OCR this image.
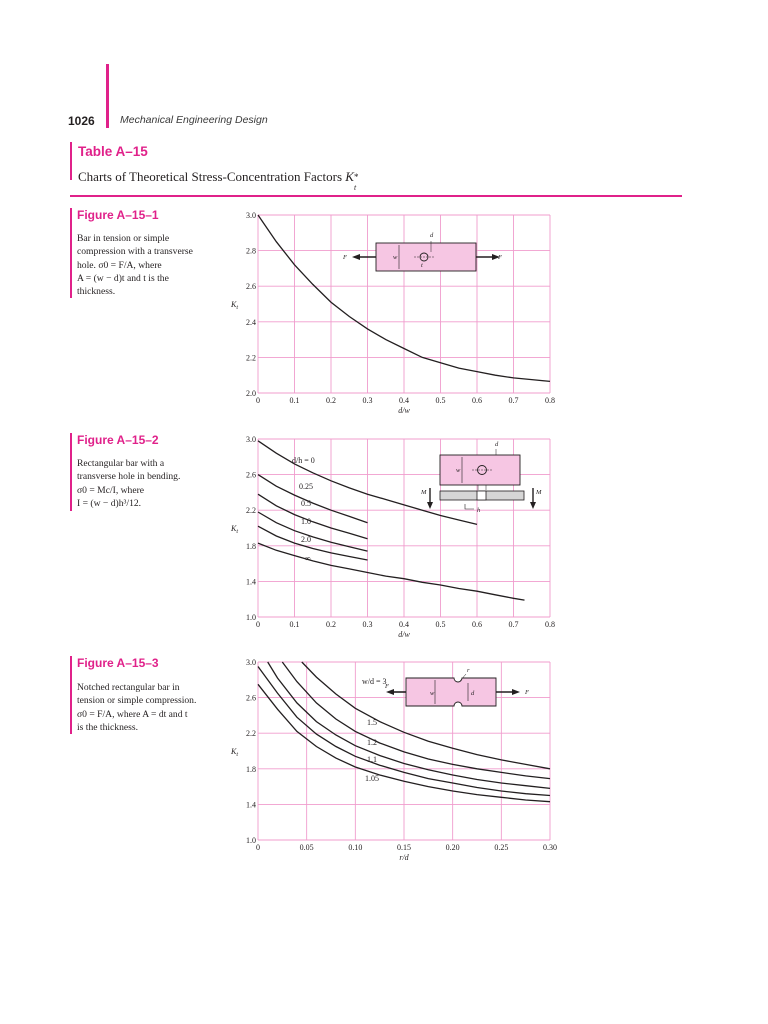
1026 Mechanical Engineering Design
Table A–15
Charts of Theoretical Stress-Concentration Factors K *
t
Figure A–15–1
Bar in tension or simple
compression with a transverse
hole. σ0 = F/A, where
A = (w − d)t and t is the
thickness.
Figure A–15–2
Rectangular bar with a
transverse hole in bending.
σ0 = Mc/I, where
I = (w − d)h³/12.
Figure A–15–3
Notched rectangular bar in
tension or simple compression.
σ0 = F/A, where A = dt and t
is the thickness.
0	0.1	0.2	0.3	0.4	0.5	0.6	0.7	0.8
2.0
2.2
2.4
2.6
2.8
3.0
d/w
$K_t$
0	0.1	0.2	0.3	0.4	0.5	0.6	0.7	0.8
1.0
1.4
1.8
2.2
2.6
3.0
d/w
$K_t$
d/h = 0
0.25
0.5
1.0
2.0
∞
0	0.05	0.10	0.15	0.20	0.25	0.30
1.0
1.4
1.8
2.2
2.6
3.0
r/d
$K_t$
w/d = 3
1.5
1.2
1.1
1.05
F	w
d
t
F
d
w
M	M
h
r
F
w	d	F
